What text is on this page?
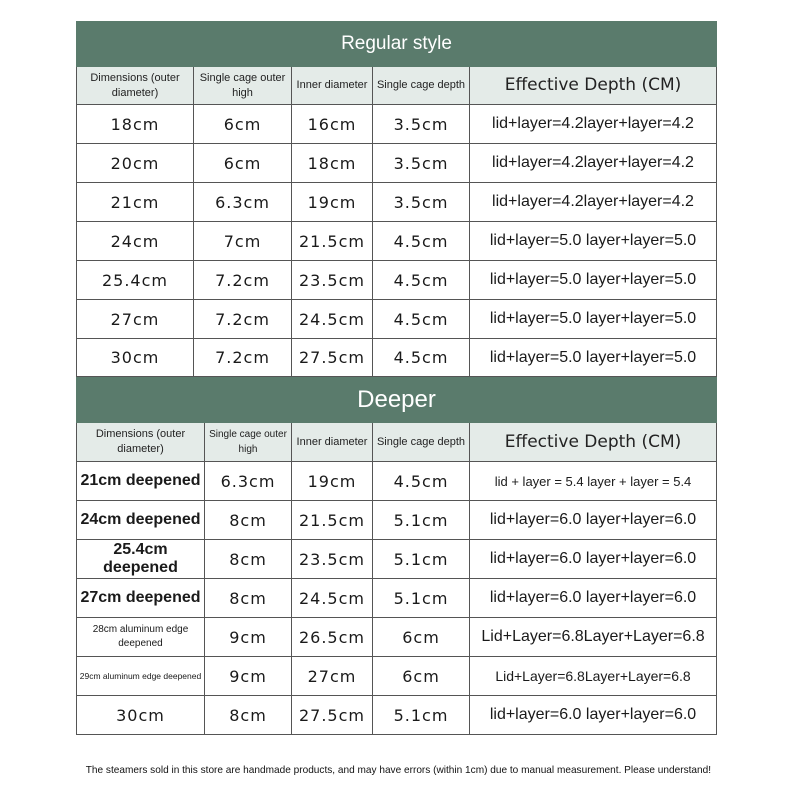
Regular style				
Dimensions (outer diameter)	Single cage outer high	Inner diameter	Single cage depth	Effective Depth (CM)
18cm	6cm	16cm	3.5cm	lid+layer=4.2layer+layer=4.2
20cm	6cm	18cm	3.5cm	lid+layer=4.2layer+layer=4.2
21cm	6.3cm	19cm	3.5cm	lid+layer=4.2layer+layer=4.2
24cm	7cm	21.5cm	4.5cm	lid+layer=5.0 layer+layer=5.0
25.4cm	7.2cm	23.5cm	4.5cm	lid+layer=5.0 layer+layer=5.0
27cm	7.2cm	24.5cm	4.5cm	lid+layer=5.0 layer+layer=5.0
30cm	7.2cm	27.5cm	4.5cm	lid+layer=5.0 layer+layer=5.0
Deeper				
Dimensions (outer diameter)	Single cage outer high	Inner diameter	Single cage depth	Effective Depth (CM)
21cm deepened	6.3cm	19cm	4.5cm	lid + layer = 5.4 layer + layer = 5.4
24cm deepened	8cm	21.5cm	5.1cm	lid+layer=6.0 layer+layer=6.0
25.4cm deepened	8cm	23.5cm	5.1cm	lid+layer=6.0 layer+layer=6.0
27cm deepened	8cm	24.5cm	5.1cm	lid+layer=6.0 layer+layer=6.0
28cm aluminum edge deepened	9cm	26.5cm	6cm	Lid+Layer=6.8Layer+Layer=6.8
29cm aluminum edge deepened	9cm	27cm	6cm	Lid+Layer=6.8Layer+Layer=6.8
30cm	8cm	27.5cm	5.1cm	lid+layer=6.0 layer+layer=6.0
The steamers sold in this store are handmade products, and may have errors (within 1cm) due to manual measurement. Please understand!
